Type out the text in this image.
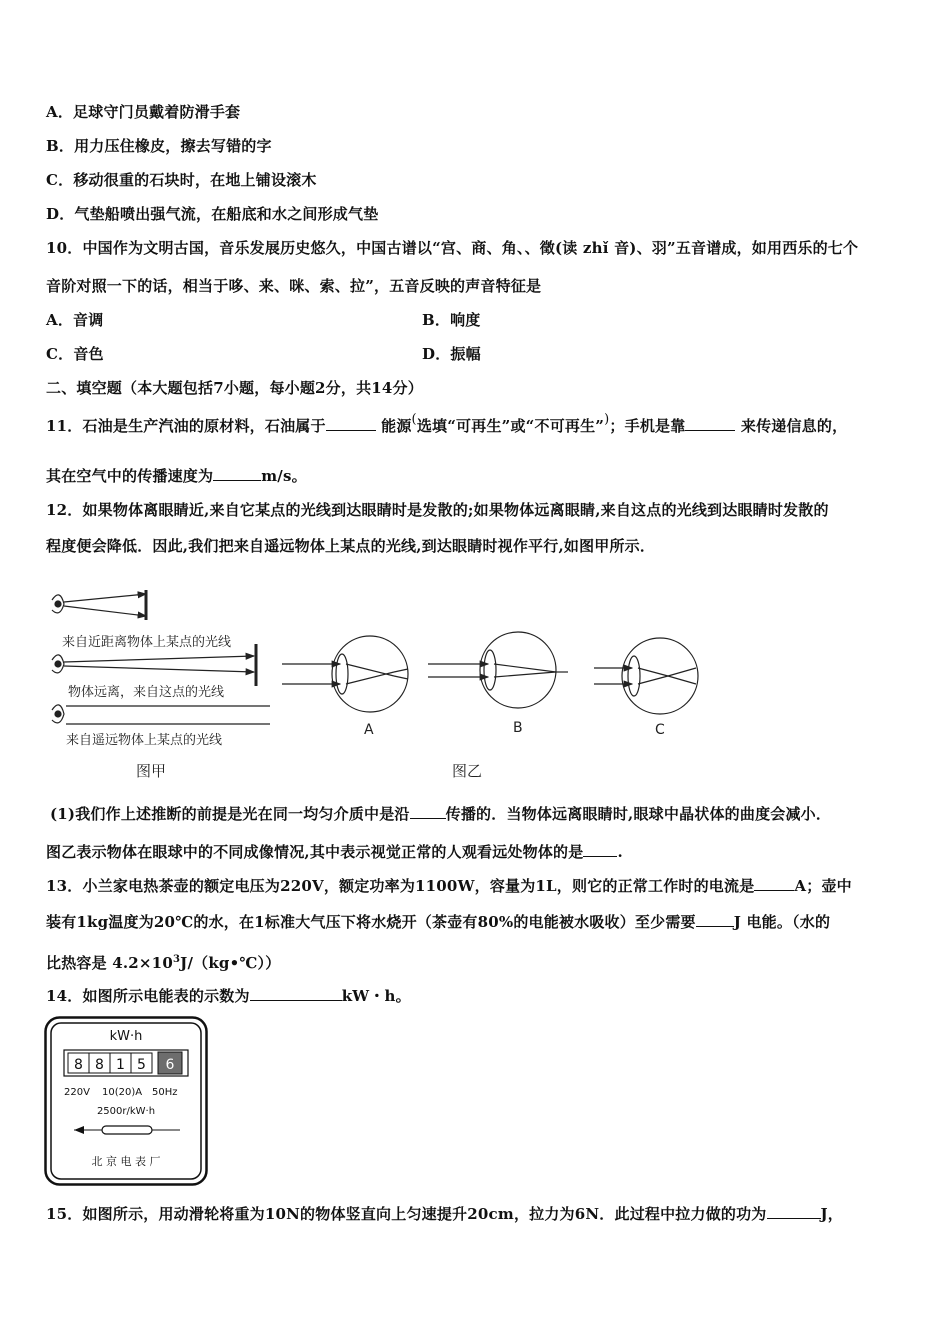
A．足球守门员戴着防滑手套
B．用力压住橡皮，擦去写错的字
C．移动很重的石块时，在地上铺设滚木
D．气垫船喷出强气流，在船底和水之间形成气垫
10．中国作为文明古国，音乐发展历史悠久，中国古谱以“宫、商、角、、徵(读 zhǐ 音)、羽”五音谱成，如用西乐的七个
音阶对照一下的话，相当于哆、来、咪、索、拉”，五音反映的声音特征是
A．音调	B．响度
C．音色	D．振幅
二、填空题（本大题包括7小题，每小题2分，共14分）
11．石油是生产汽油的原材料，石油属于	能源(选填“可再生”或“不可再生”)；手机是靠	来传递信息的，
其在空气中的传播速度为	m/s。
12．如果物体离眼睛近,来自它某点的光线到达眼睛时是发散的;如果物体远离眼睛,来自这点的光线到达眼睛时发散的
程度便会降低．因此,我们把来自遥远物体上某点的光线,到达眼睛时视作平行,如图甲所示．
来自近距离物体上某点的光线
物体远离，来自这点的光线
来自遥远物体上某点的光线
图甲
A	B	C
图乙
(1)我们作上述推断的前提是光在同一均匀介质中是沿 传播的．当物体远离眼睛时,眼球中晶状体的曲度会减小．
图乙表示物体在眼球中的不同成像情况,其中表示视觉正常的人观看远处物体的是 .
13．小兰家电热茶壶的额定电压为220V，额定功率为1100W，容量为1L，则它的正常工作时的电流是	A；壶中
装有1kg温度为20℃的水，在1标准大气压下将水烧开（茶壶有80%的电能被水吸收）至少需要	J 电能。（水的
比热容是 $4.2\times 10^3J/(kg•℃)$）
14．如图所示电能表的示数为	kW・h。
kW·h
8 8 1 5 6
220V 10(20)A 50Hz
2500r/kW·h
北 京 电 表 厂
15．如图所示，用动滑轮将重为10N的物体竖直向上匀速提升20cm，拉力为6N．此过程中拉力做的功为	J，
